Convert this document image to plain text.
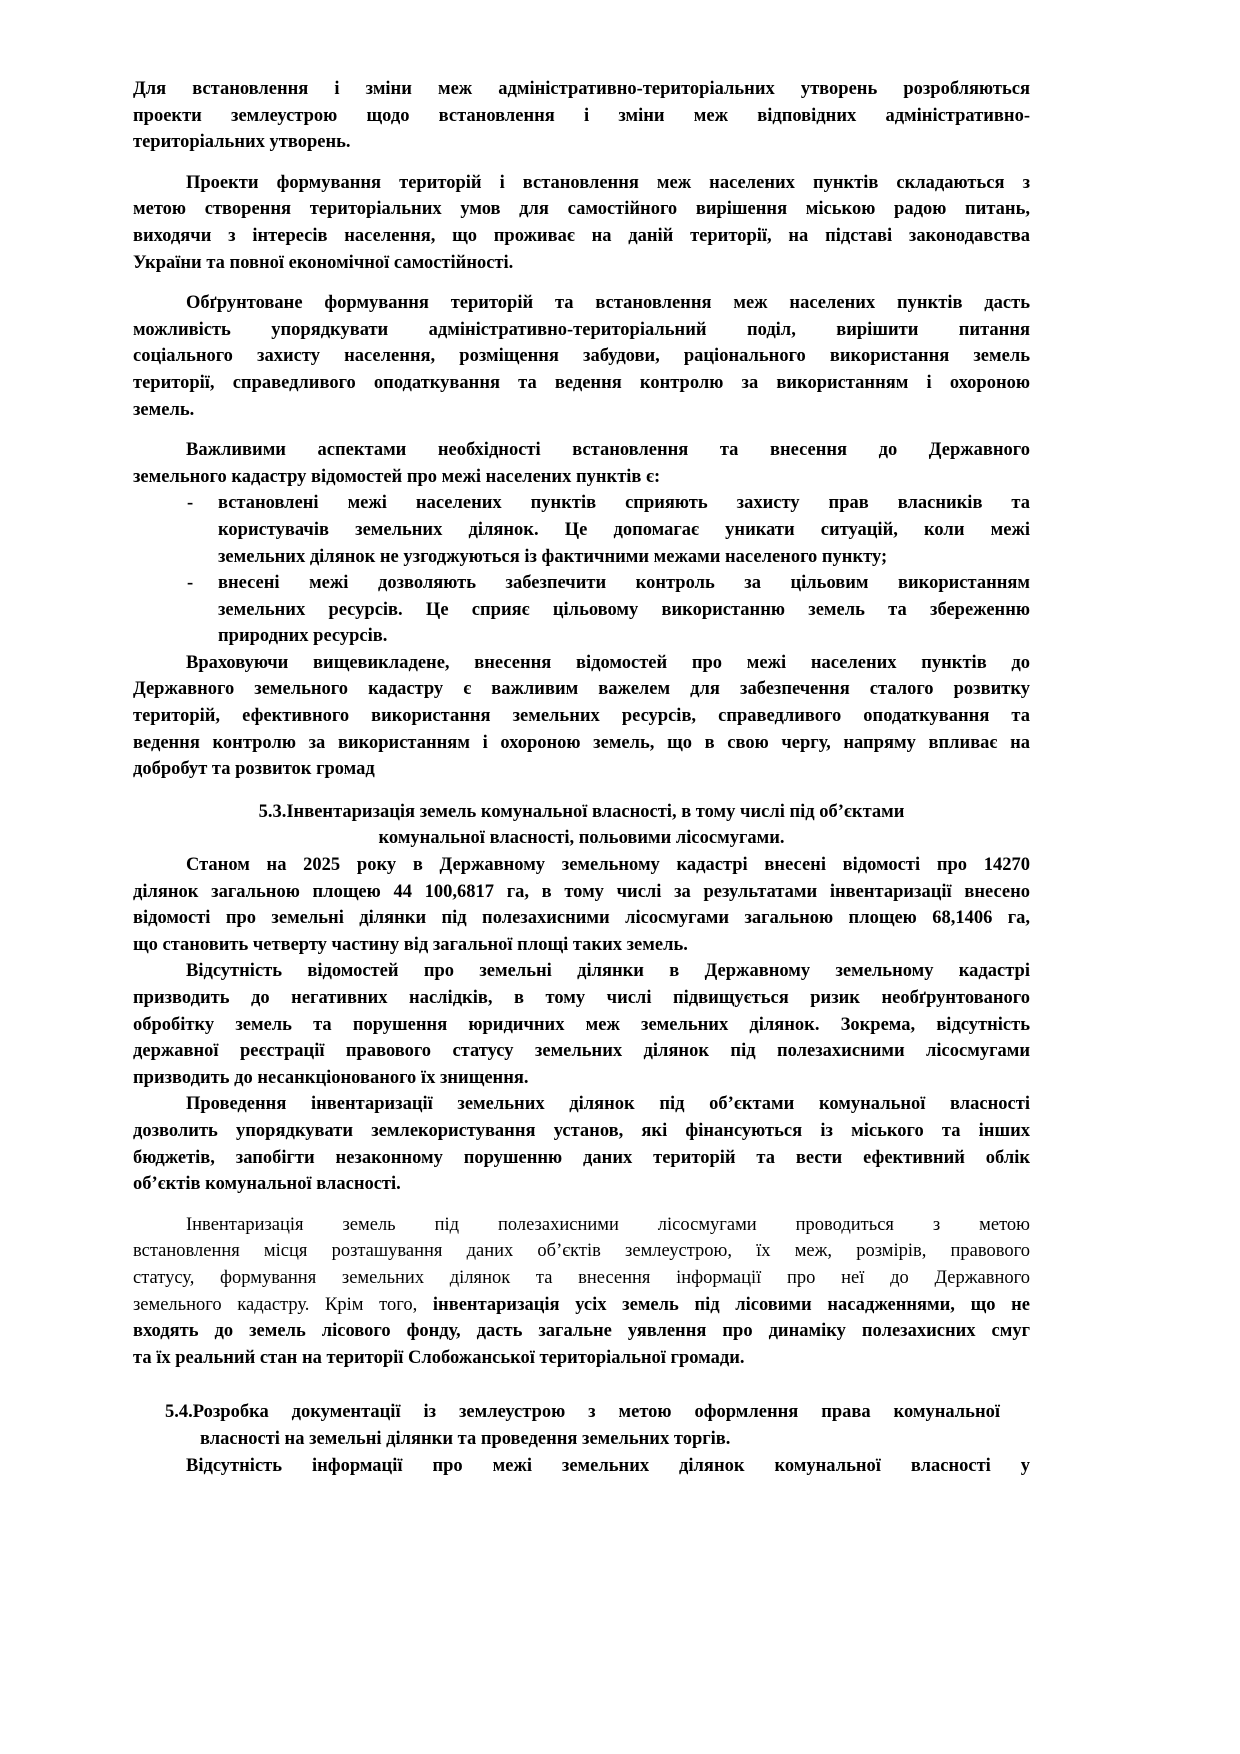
Для встановлення і зміни меж адміністративно-територіальних утворень розробляються
проекти землеустрою щодо встановлення і зміни меж відповідних адміністративно-
територіальних утворень.
Проекти формування територій і встановлення меж населених пунктів складаються з
метою створення територіальних умов для самостійного вирішення міською радою питань,
виходячи з інтересів населення, що проживає на даній території, на підставі законодавства
України та повної економічної самостійності.
Обґрунтоване формування територій та встановлення меж населених пунктів дасть
можливість упорядкувати адміністративно-територіальний поділ, вирішити питання
соціального захисту населення, розміщення забудови, раціонального використання земель
території, справедливого оподаткування та ведення контролю за використанням і охороною
земель.
Важливими аспектами необхідності встановлення та внесення до Державного
земельного кадастру відомостей про межі населених пунктів є:
- встановлені межі населених пунктів сприяють захисту прав власників та
користувачів земельних ділянок. Це допомагає уникати ситуацій, коли межі
земельних ділянок не узгоджуються із фактичними межами населеного пункту;
- внесені межі дозволяють забезпечити контроль за цільовим використанням
земельних ресурсів. Це сприяє цільовому використанню земель та збереженню
природних ресурсів.
Враховуючи вищевикладене, внесення відомостей про межі населених пунктів до
Державного земельного кадастру є важливим важелем для забезпечення сталого розвитку
територій, ефективного використання земельних ресурсів, справедливого оподаткування та
ведення контролю за використанням і охороною земель, що в свою чергу, напряму впливає на
добробут та розвиток громад
5.3.Інвентаризація земель комунальної власності, в тому числі під об’єктами
комунальної власності, польовими лісосмугами.
Станом на 2025 року в Державному земельному кадастрі внесені відомості про 14270
ділянок загальною площею 44 100,6817 га, в тому числі за результатами інвентаризації внесено
відомості про земельні ділянки під полезахисними лісосмугами загальною площею 68,1406 га,
що становить четверту частину від загальної площі таких земель.
Відсутність відомостей про земельні ділянки в Державному земельному кадастрі
призводить до негативних наслідків, в тому числі підвищується ризик необґрунтованого
обробітку земель та порушення юридичних меж земельних ділянок. Зокрема, відсутність
державної реєстрації правового статусу земельних ділянок під полезахисними лісосмугами
призводить до несанкціонованого їх знищення.
Проведення інвентаризації земельних ділянок під об’єктами комунальної власності
дозволить упорядкувати землекористування установ, які фінансуються із міського та інших
бюджетів, запобігти незаконному порушенню даних територій та вести ефективний облік
об’єктів комунальної власності.
Інвентаризація земель під полезахисними лісосмугами проводиться з метою
встановлення місця розташування даних об’єктів землеустрою, їх меж, розмірів, правового
статусу, формування земельних ділянок та внесення інформації про неї до Державного
земельного кадастру. Крім того, інвентаризація усіх земель під лісовими насадженнями, що не
входять до земель лісового фонду, дасть загальне уявлення про динаміку полезахисних смуг
та їх реальний стан на території Слобожанської територіальної громади.
5.4.Розробка документації із землеустрою з метою оформлення права комунальної
власності на земельні ділянки та проведення земельних торгів.
Відсутність інформації про межі земельних ділянок комунальної власності у
